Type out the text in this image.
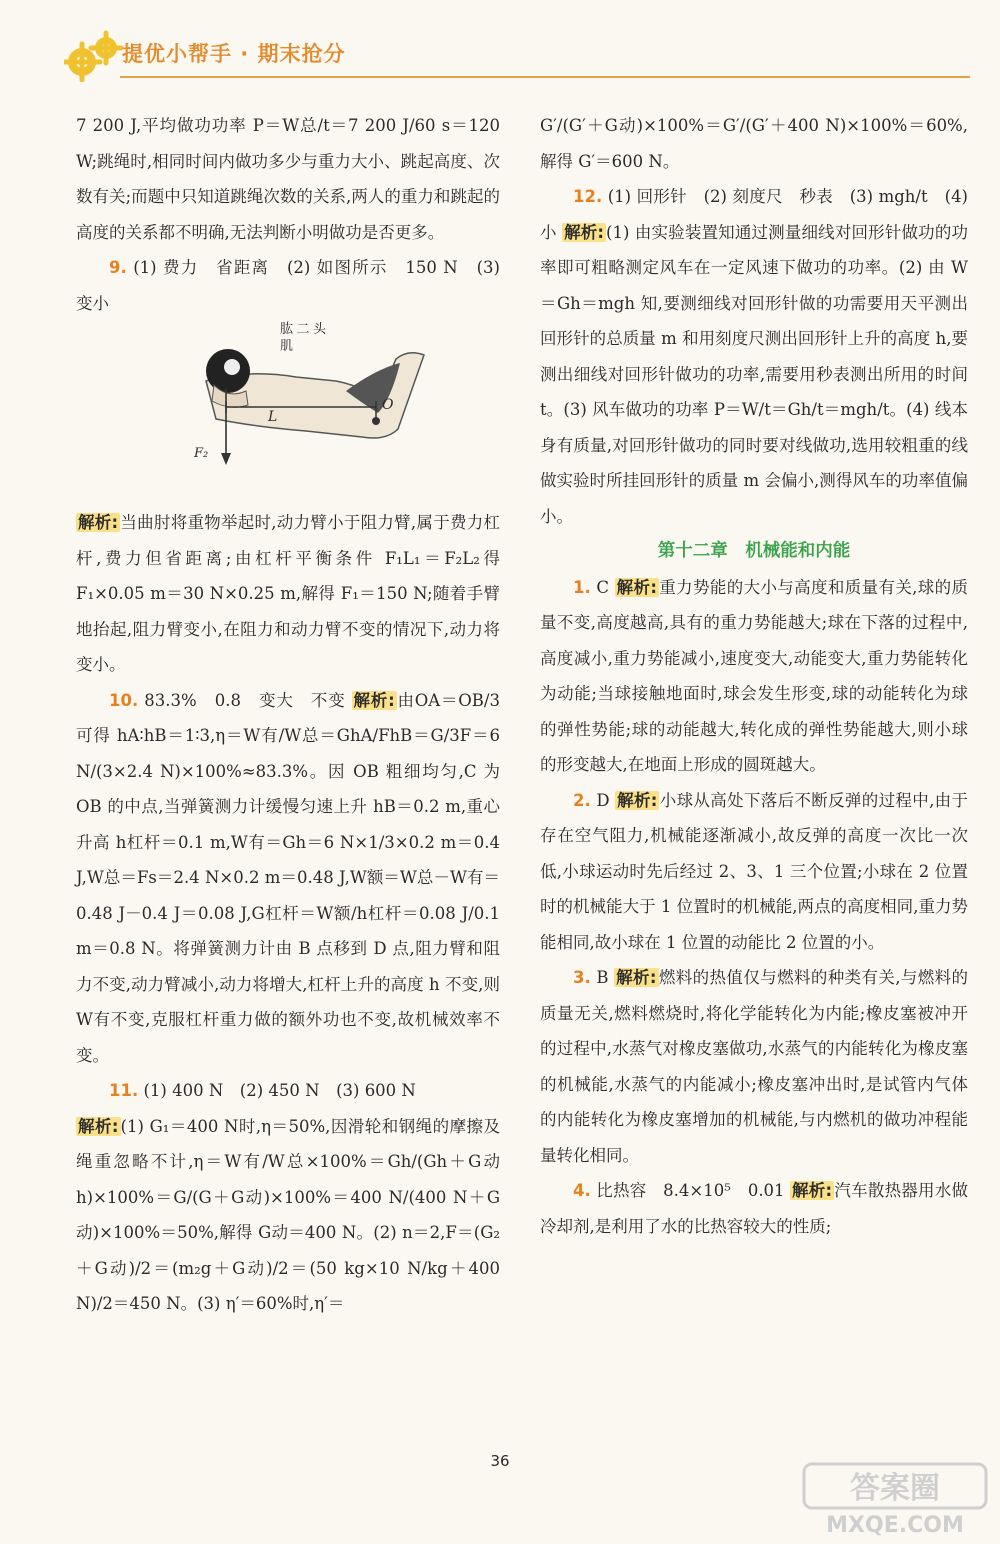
提优小帮手 · 期末抢分

7 200 J,平均做功功率 P＝W总/t＝7 200 J/60 s＝120 W;跳绳时,相同时间内做功多少与重力大小、跳起高度、次数有关;而题中只知道跳绳次数的关系,两人的重力和跳起的高度的关系都不明确,无法判断小明做功是否更多。

9. (1) 费力　省距离　(2) 如图所示　150 N　(3) 变小

肱二头肌
O
L
F₂

解析: 当曲肘将重物举起时,动力臂小于阻力臂,属于费力杠杆,费力但省距离;由杠杆平衡条件 F₁L₁＝F₂L₂得 F₁×0.05 m＝30 N×0.25 m,解得 F₁＝150 N;随着手臂地抬起,阻力臂变小,在阻力和动力臂不变的情况下,动力将变小。

10. 83.3%　0.8　变大　不变 解析: 由OA＝OB/3可得 hA∶hB＝1∶3,η＝W有/W总＝GhA/FhB＝G/3F＝6 N/(3×2.4 N)×100%≈83.3%。因 OB 粗细均匀,C 为 OB 的中点,当弹簧测力计缓慢匀速上升 hB＝0.2 m,重心升高 h杠杆＝0.1 m,W有＝Gh＝6 N×1/3×0.2 m＝0.4 J,W总＝Fs＝2.4 N×0.2 m＝0.48 J,W额＝W总－W有＝0.48 J－0.4 J＝0.08 J,G杠杆＝W额/h杠杆＝0.08 J/0.1 m＝0.8 N。将弹簧测力计由 B 点移到 D 点,阻力臂和阻力不变,动力臂减小,动力将增大,杠杆上升的高度 h 不变,则 W有不变,克服杠杆重力做的额外功也不变,故机械效率不变。

11. (1) 400 N　(2) 450 N　(3) 600 N

解析: (1) G₁＝400 N时,η＝50%,因滑轮和钢绳的摩擦及绳重忽略不计,η＝W有/W总×100%＝Gh/(Gh＋G动h)×100%＝G/(G＋G动)×100%＝400 N/(400 N＋G动)×100%＝50%,解得 G动＝400 N。(2) n＝2,F＝(G₂＋G动)/2＝(m₂g＋G动)/2＝(50 kg×10 N/kg＋400 N)/2＝450 N。(3) η′＝60%时,η′＝

G′/(G′＋G动)×100%＝G′/(G′＋400 N)×100%＝60%,解得 G′＝600 N。

12. (1) 回形针　(2) 刻度尺　秒表　(3) mgh/t　(4) 小 解析: (1) 由实验装置知通过测量细线对回形针做功的功率即可粗略测定风车在一定风速下做功的功率。(2) 由 W＝Gh＝mgh 知,要测细线对回形针做的功需要用天平测出回形针的总质量 m 和用刻度尺测出回形针上升的高度 h,要测出细线对回形针做功的功率,需要用秒表测出所用的时间 t。(3) 风车做功的功率 P＝W/t＝Gh/t＝mgh/t。(4) 线本身有质量,对回形针做功的同时要对线做功,选用较粗重的线做实验时所挂回形针的质量 m 会偏小,测得风车的功率值偏小。

第十二章　机械能和内能

1. C 解析: 重力势能的大小与高度和质量有关,球的质量不变,高度越高,具有的重力势能越大;球在下落的过程中,高度减小,重力势能减小,速度变大,动能变大,重力势能转化为动能;当球接触地面时,球会发生形变,球的动能转化为球的弹性势能;球的动能越大,转化成的弹性势能越大,则小球的形变越大,在地面上形成的圆斑越大。

2. D 解析: 小球从高处下落后不断反弹的过程中,由于存在空气阻力,机械能逐渐减小,故反弹的高度一次比一次低,小球运动时先后经过 2、3、1 三个位置;小球在 2 位置时的机械能大于 1 位置时的机械能,两点的高度相同,重力势能相同,故小球在 1 位置的动能比 2 位置的小。

3. B 解析: 燃料的热值仅与燃料的种类有关,与燃料的质量无关,燃料燃烧时,将化学能转化为内能;橡皮塞被冲开的过程中,水蒸气对橡皮塞做功,水蒸气的内能转化为橡皮塞的机械能,水蒸气的内能减小;橡皮塞冲出时,是试管内气体的内能转化为橡皮塞增加的机械能,与内燃机的做功冲程能量转化相同。

4. 比热容　8.4×10⁵　0.01 解析: 汽车散热器用水做冷却剂,是利用了水的比热容较大的性质;

36
答案圈
MXQE.COM
